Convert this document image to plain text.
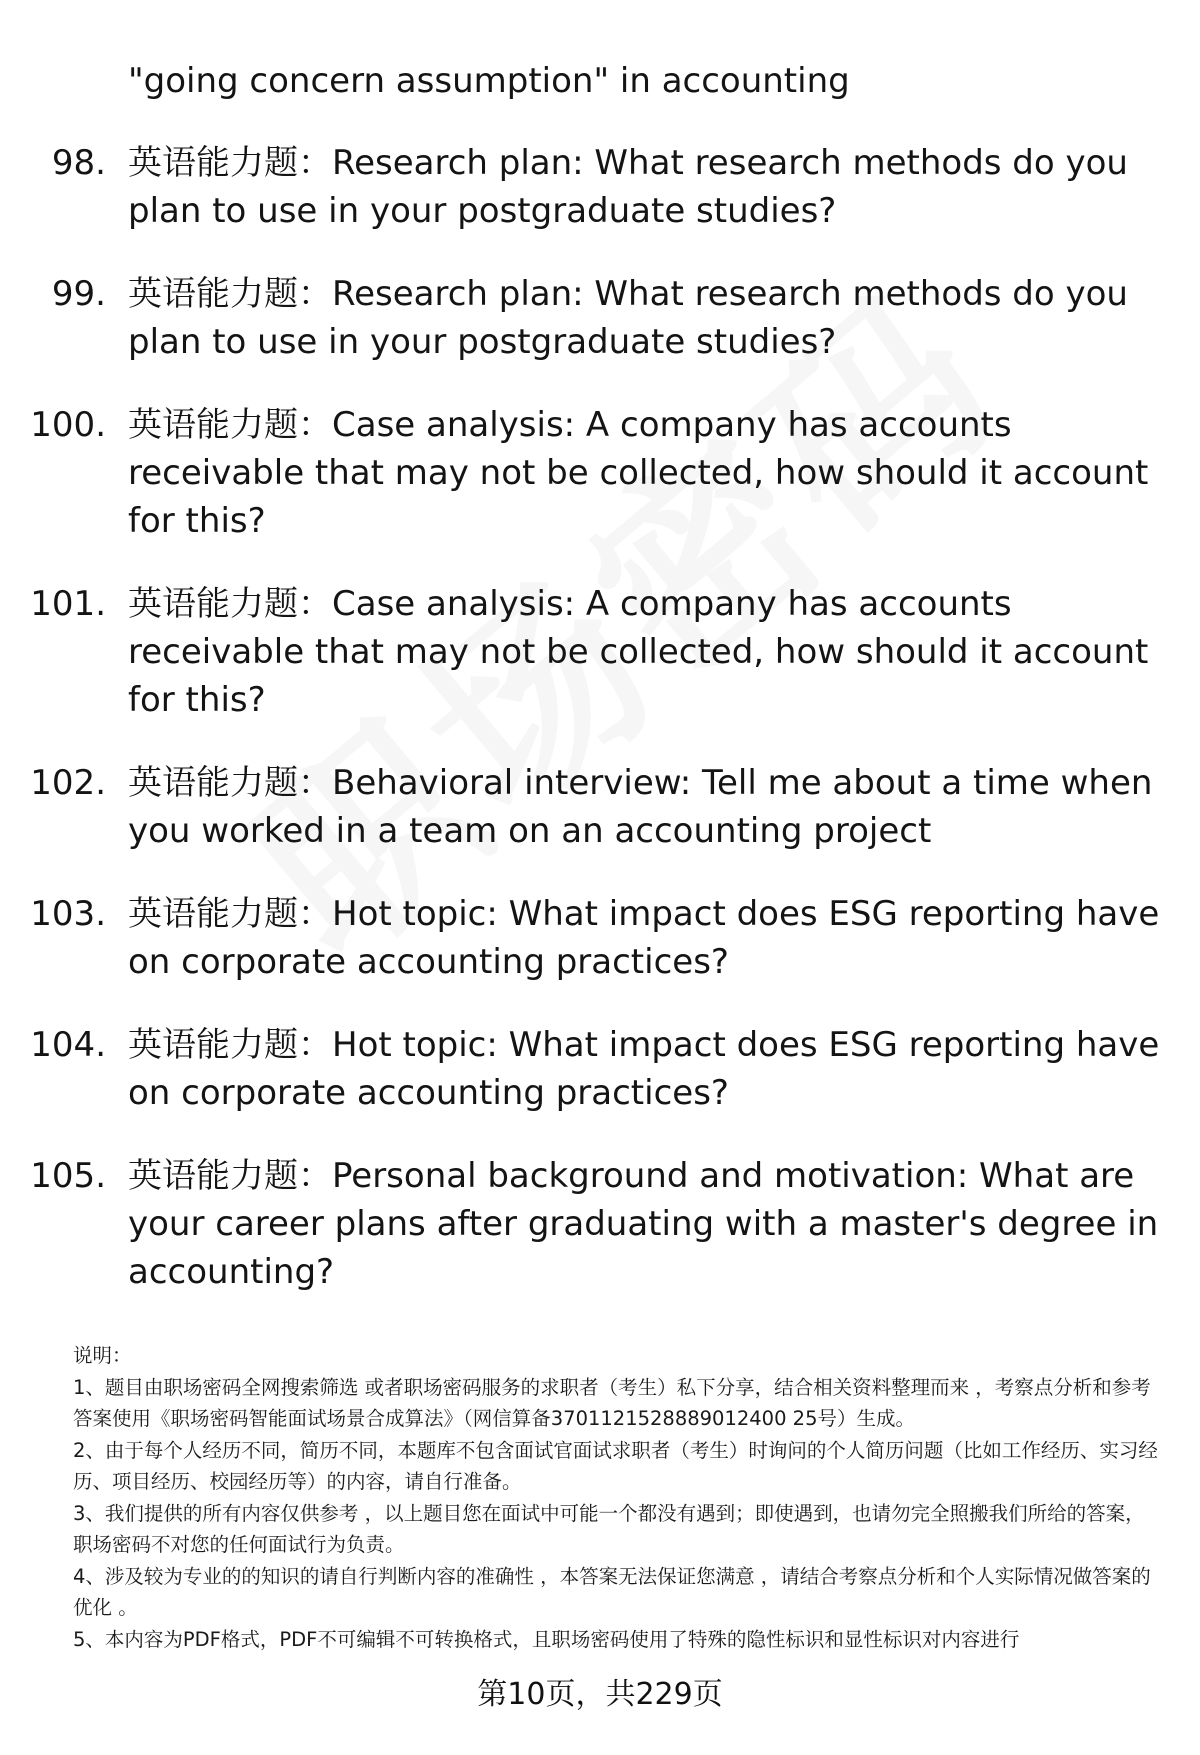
"going concern assumption" in accounting
98. 英语能力题：Research plan: What research methods do you plan to use in your postgraduate studies?
99. 英语能力题：Research plan: What research methods do you plan to use in your postgraduate studies?
100. 英语能力题：Case analysis: A company has accounts receivable that may not be collected, how should it account for this?
101. 英语能力题：Case analysis: A company has accounts receivable that may not be collected, how should it account for this?
102. 英语能力题：Behavioral interview: Tell me about a time when you worked in a team on an accounting project
103. 英语能力题：Hot topic: What impact does ESG reporting have on corporate accounting practices?
104. 英语能力题：Hot topic: What impact does ESG reporting have on corporate accounting practices?
105. 英语能力题：Personal background and motivation: What are your career plans after graduating with a master's degree in accounting?

说明：

1、题目由职场密码全网搜索筛选 或者职场密码服务的求职者（考生）私下分享，结合相关资料整理而来 ，考察点分析和参考答案使用《职场密码智能面试场景合成算法》（网信算备3701121528889012400 25号）生成。

2、由于每个人经历不同，简历不同，本题库不包含面试官面试求职者（考生）时询问的个人简历问题（比如工作经历、实习经历、项目经历、校园经历等）的内容，请自行准备。

3、我们提供的所有内容仅供参考 ，以上题目您在面试中可能一个都没有遇到；即使遇到，也请勿完全照搬我们所给的答案，职场密码不对您的任何面试行为负责。

4、涉及较为专业的的知识的请自行判断内容的准确性 ，本答案无法保证您满意 ，请结合考察点分析和个人实际情况做答案的优化 。

5、本内容为PDF格式，PDF不可编辑不可转换格式，且职场密码使用了特殊的隐性标识和显性标识对内容进行

第10页，共229页
